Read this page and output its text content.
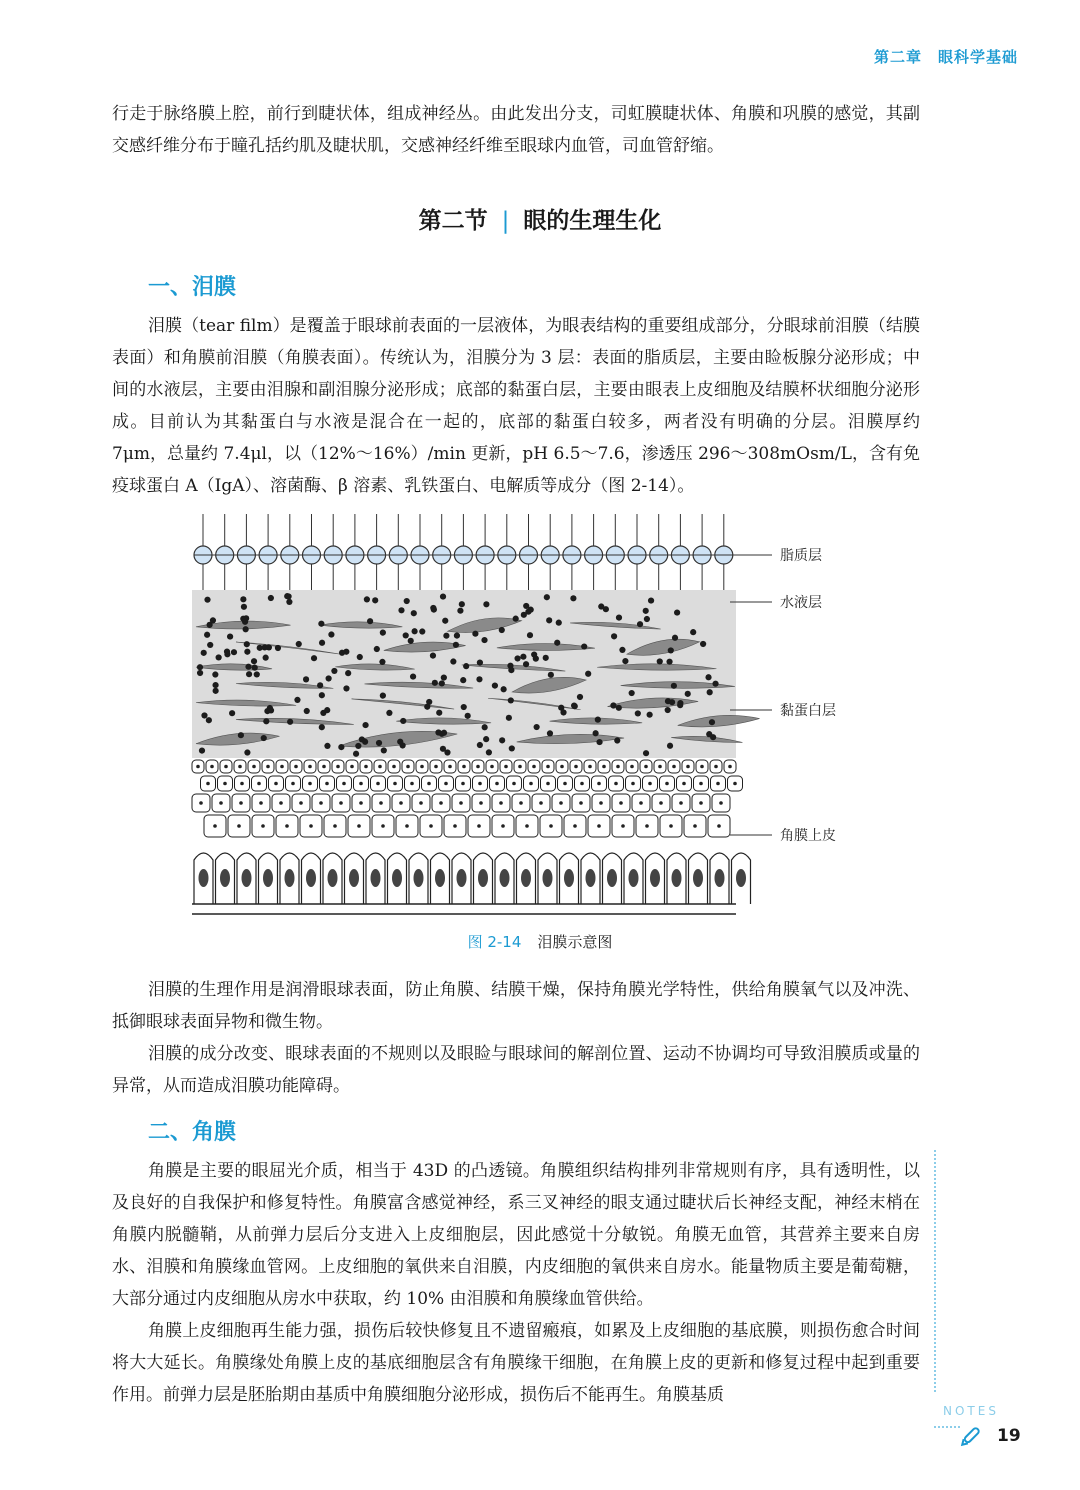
第二章 眼科学基础

行走于脉络膜上腔，前行到睫状体，组成神经丛。由此发出分支，司虹膜睫状体、角膜和巩膜的感觉，其副交感纤维分布于瞳孔括约肌及睫状肌，交感神经纤维至眼球内血管，司血管舒缩。

第二节 | 眼的生理生化
一、泪膜

泪膜（tear film）是覆盖于眼球前表面的一层液体，为眼表结构的重要组成部分，分眼球前泪膜（结膜表面）和角膜前泪膜（角膜表面）。传统认为，泪膜分为 3 层：表面的脂质层，主要由睑板腺分泌形成；中间的水液层，主要由泪腺和副泪腺分泌形成；底部的黏蛋白层，主要由眼表上皮细胞及结膜杯状细胞分泌形成。目前认为其黏蛋白与水液是混合在一起的，底部的黏蛋白较多，两者没有明确的分层。泪膜厚约 7μm，总量约 7.4μl，以（12%～16%）/min 更新，pH 6.5～7.6，渗透压 296～308mOsm/L，含有免疫球蛋白 A（IgA）、溶菌酶、β 溶素、乳铁蛋白、电解质等成分（图 2-14）。

脂质层
水液层
黏蛋白层
角膜上皮
图 2-14 泪膜示意图

泪膜的生理作用是润滑眼球表面，防止角膜、结膜干燥，保持角膜光学特性，供给角膜氧气以及冲洗、抵御眼球表面异物和微生物。

泪膜的成分改变、眼球表面的不规则以及眼睑与眼球间的解剖位置、运动不协调均可导致泪膜质或量的异常，从而造成泪膜功能障碍。

二、角膜

角膜是主要的眼屈光介质，相当于 43D 的凸透镜。角膜组织结构排列非常规则有序，具有透明性，以及良好的自我保护和修复特性。角膜富含感觉神经，系三叉神经的眼支通过睫状后长神经支配，神经末梢在角膜内脱髓鞘，从前弹力层后分支进入上皮细胞层，因此感觉十分敏锐。角膜无血管，其营养主要来自房水、泪膜和角膜缘血管网。上皮细胞的氧供来自泪膜，内皮细胞的氧供来自房水。能量物质主要是葡萄糖，大部分通过内皮细胞从房水中获取，约 10% 由泪膜和角膜缘血管供给。

角膜上皮细胞再生能力强，损伤后较快修复且不遗留瘢痕，如累及上皮细胞的基底膜，则损伤愈合时间将大大延长。角膜缘处角膜上皮的基底细胞层含有角膜缘干细胞，在角膜上皮的更新和修复过程中起到重要作用。前弹力层是胚胎期由基质中角膜细胞分泌形成，损伤后不能再生。角膜基质

NOTES
19
